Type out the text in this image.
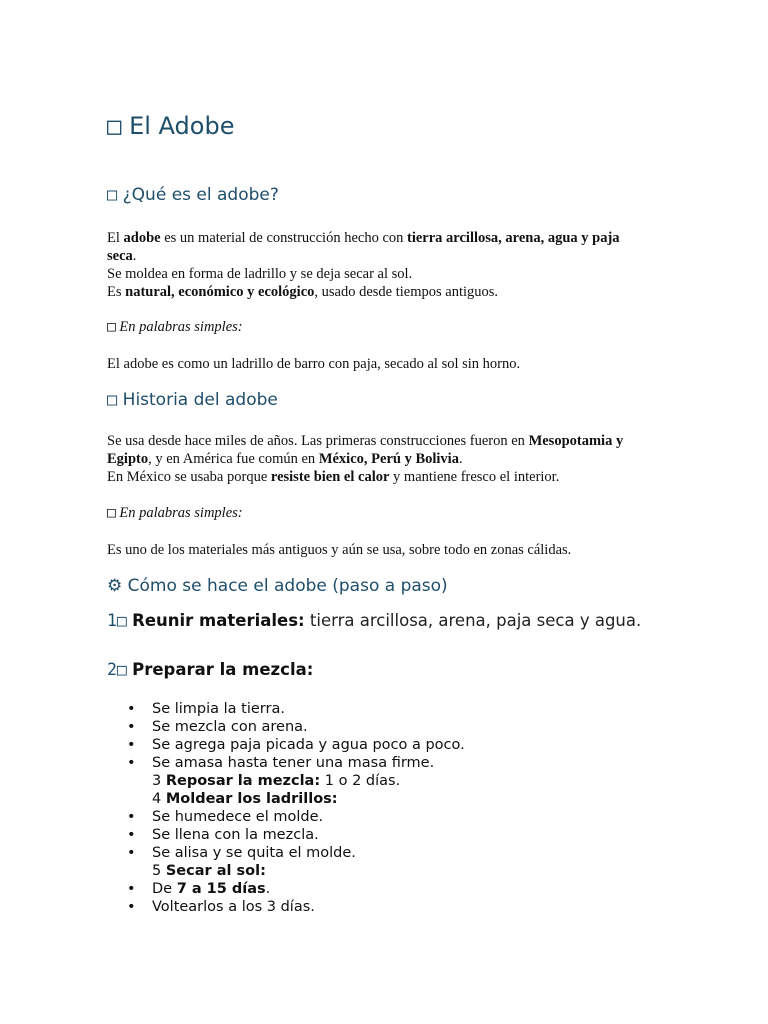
□ El Adobe
□ ¿Qué es el adobe?

El adobe es un material de construcción hecho con tierra arcillosa, arena, agua y paja seca.
Se moldea en forma de ladrillo y se deja secar al sol.
Es natural, económico y ecológico, usado desde tiempos antiguos.

□ En palabras simples:

El adobe es como un ladrillo de barro con paja, secado al sol sin horno.

□ Historia del adobe

Se usa desde hace miles de años. Las primeras construcciones fueron en Mesopotamia y Egipto, y en América fue común en México, Perú y Bolivia.
En México se usaba porque resiste bien el calor y mantiene fresco el interior.

□ En palabras simples:

Es uno de los materiales más antiguos y aún se usa, sobre todo en zonas cálidas.

⚙ Cómo se hace el adobe (paso a paso)

1□ Reunir materiales: tierra arcillosa, arena, paja seca y agua.

2□ Preparar la mezcla:

• Se limpia la tierra.
• Se mezcla con arena.
• Se agrega paja picada y agua poco a poco.
• Se amasa hasta tener una masa firme.
3 Reposar la mezcla: 1 o 2 días.
4 Moldear los ladrillos:
• Se humedece el molde.
• Se llena con la mezcla.
• Se alisa y se quita el molde.
5 Secar al sol:
• De 7 a 15 días.
• Voltearlos a los 3 días.
